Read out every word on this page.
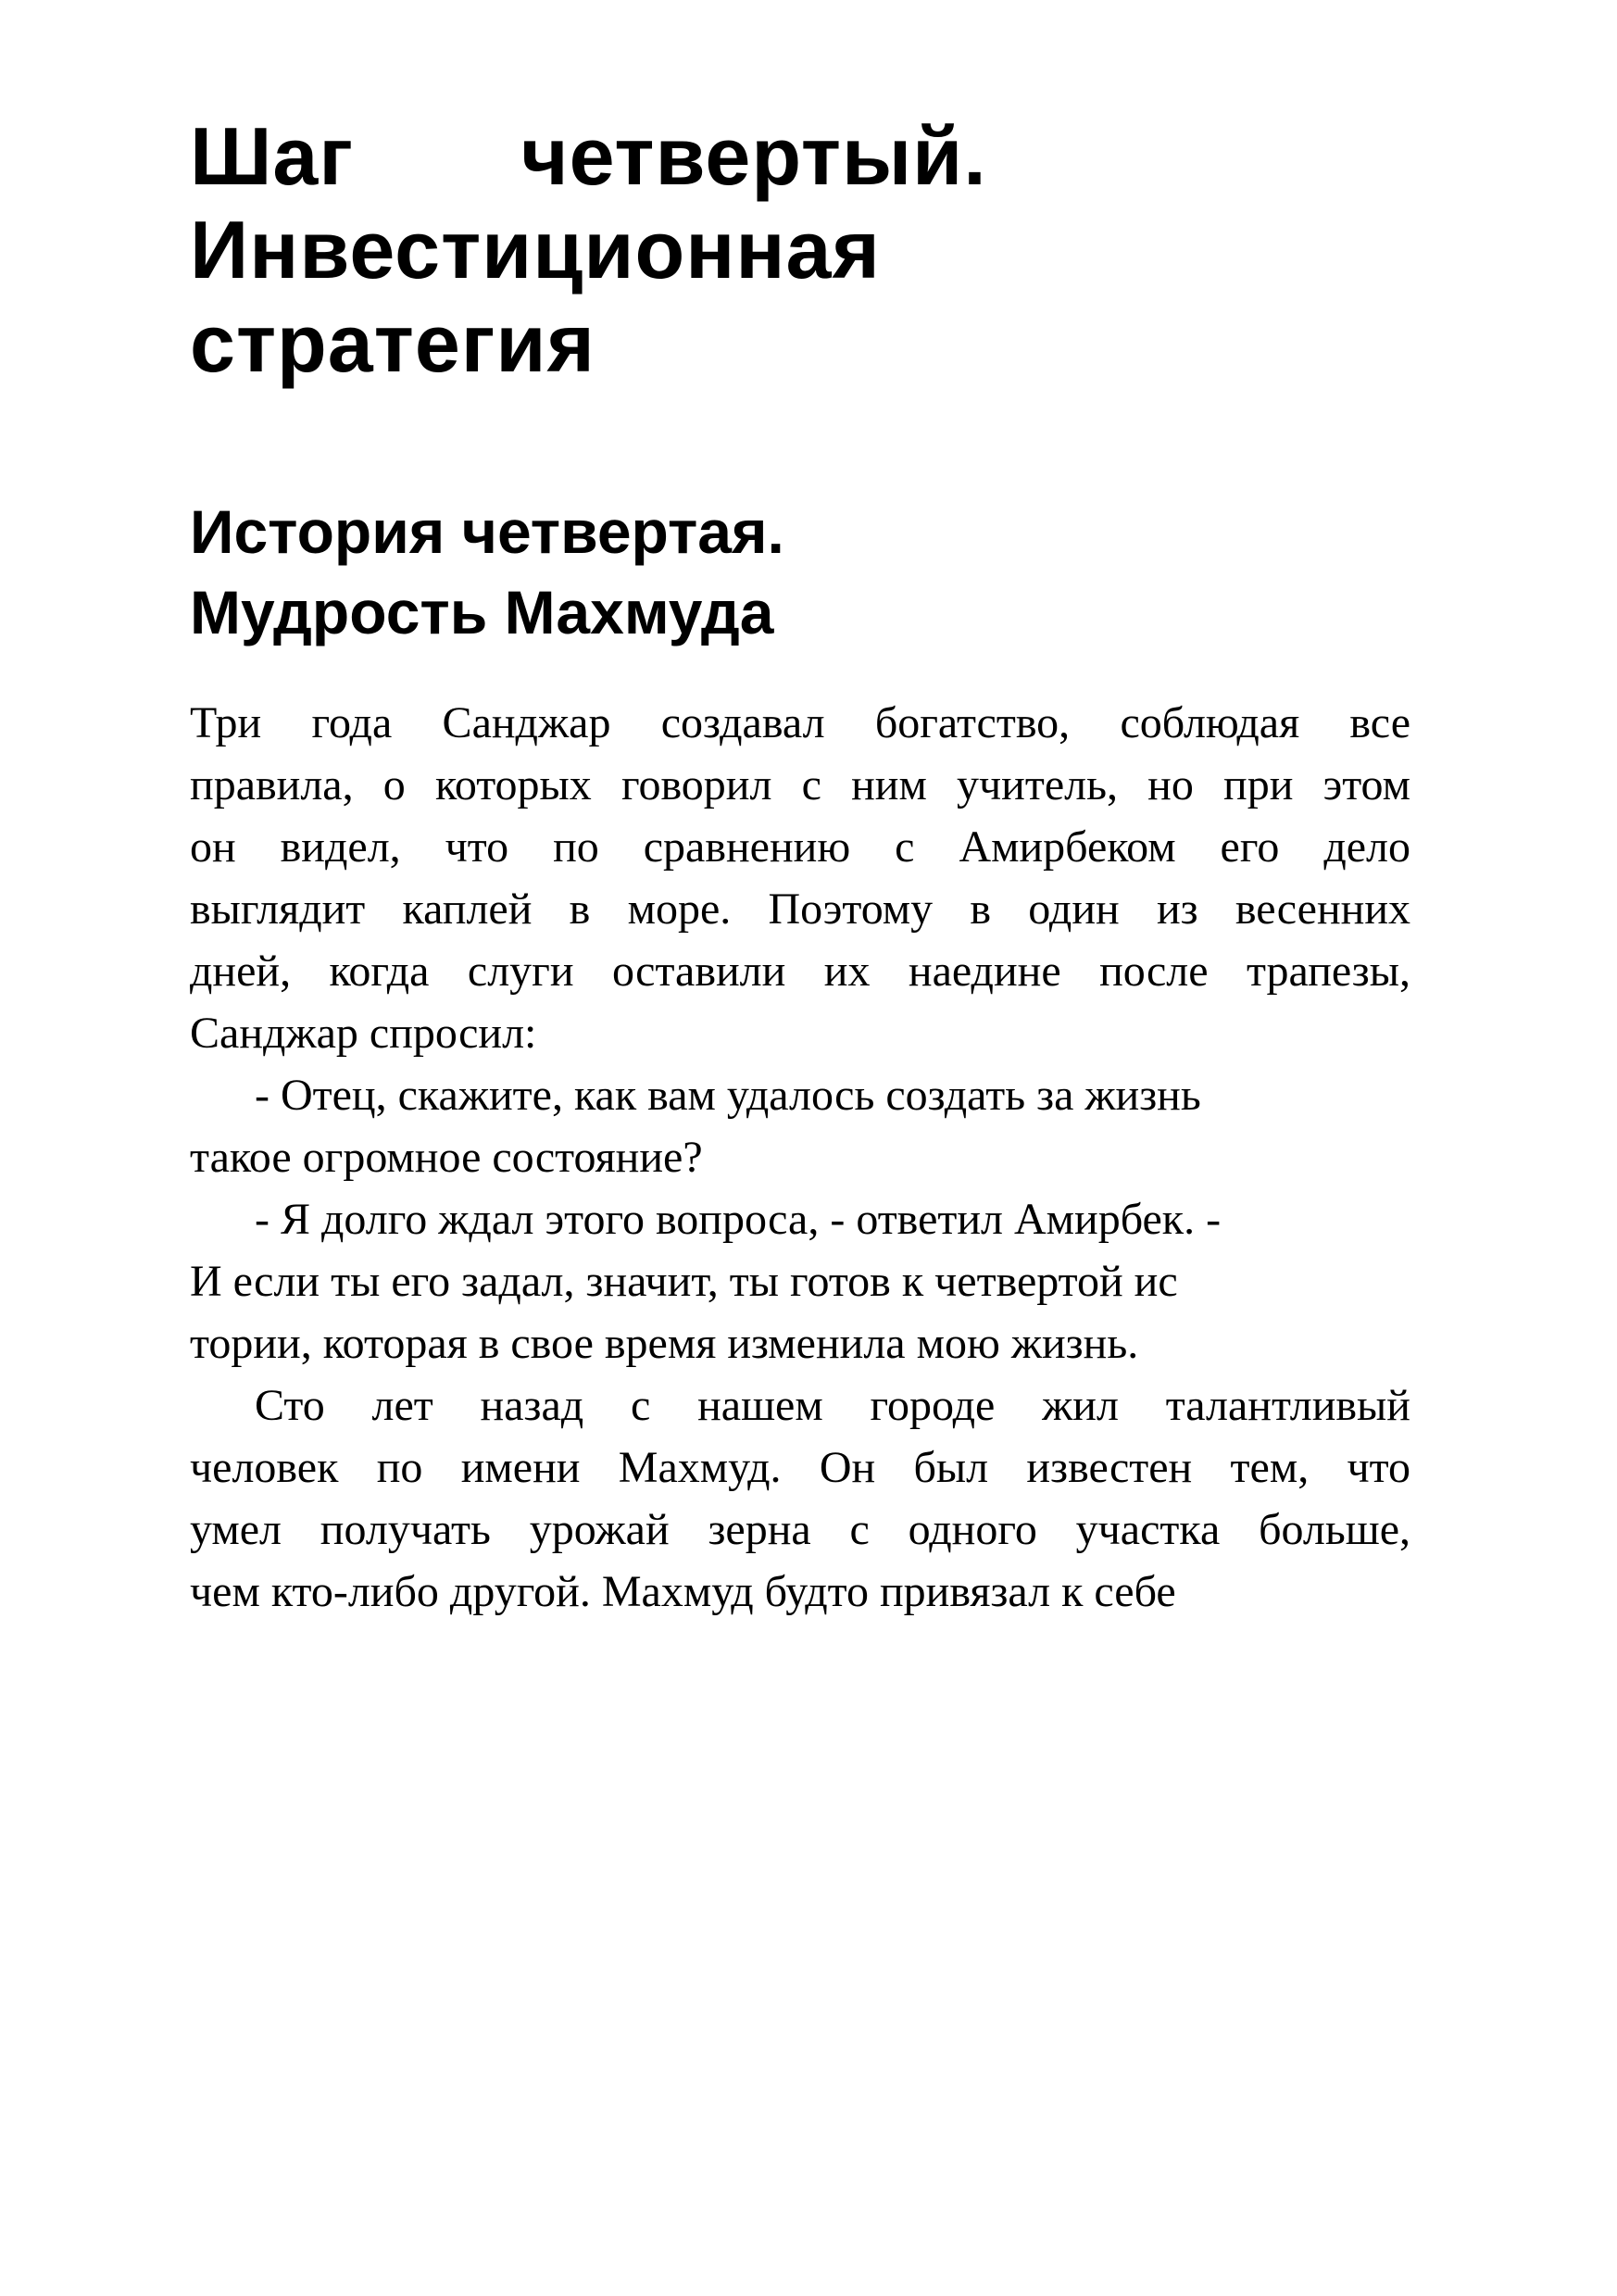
Шаг четвертый.
Инвестиционная
стратегия
История четвертая.
Мудрость Махмуда
Три года Санджар создавал богатство, соблюдая все
правила, о которых говорил с ним учитель, но при этом
он видел, что по сравнению с Амирбеком его дело
выглядит каплей в море. Поэтому в один из весенних
дней, когда слуги оставили их наедине после трапезы,
Санджар спросил:
- Отец, скажите, как вам удалось создать за жизнь
такое огромное состояние?
- Я долго ждал этого вопроса, - ответил Амирбек. -
И если ты его задал, значит, ты готов к четвертой ис
тории, которая в свое время изменила мою жизнь.
Сто лет назад с нашем городе жил талантливый
человек по имени Махмуд. Он был известен тем, что
умел получать урожай зерна с одного участка больше,
чем кто-либо другой. Махмуд будто привязал к себе
